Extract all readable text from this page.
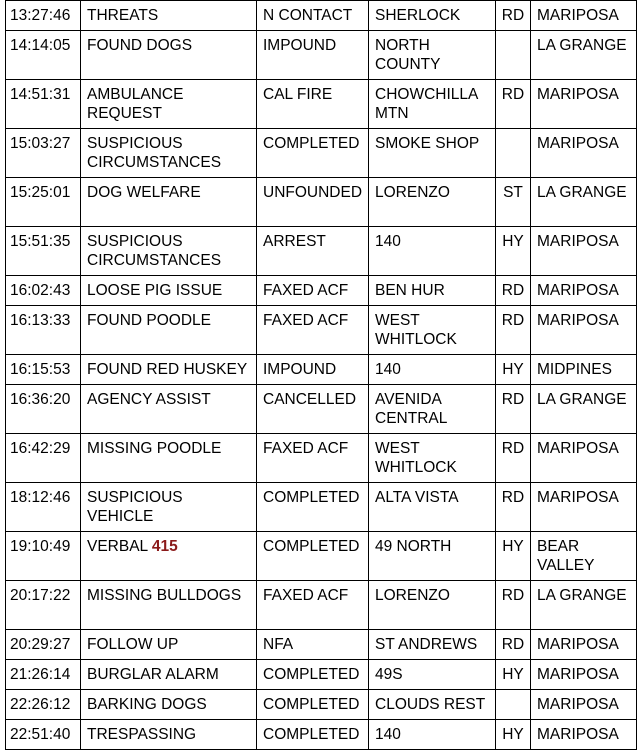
13:27:46	THREATS	N CONTACT	SHERLOCK	RD	MARIPOSA
14:14:05	FOUND DOGS	IMPOUND	NORTH COUNTY		LA GRANGE
14:51:31	AMBULANCE REQUEST	CAL FIRE	CHOWCHILLA MTN	RD	MARIPOSA
15:03:27	SUSPICIOUS CIRCUMSTANCES	COMPLETED	SMOKE SHOP		MARIPOSA
15:25:01	DOG WELFARE	UNFOUNDED	LORENZO	ST	LA GRANGE
15:51:35	SUSPICIOUS CIRCUMSTANCES	ARREST	140	HY	MARIPOSA
16:02:43	LOOSE PIG ISSUE	FAXED ACF	BEN HUR	RD	MARIPOSA
16:13:33	FOUND POODLE	FAXED ACF	WEST WHITLOCK	RD	MARIPOSA
16:15:53	FOUND RED HUSKEY	IMPOUND	140	HY	MIDPINES
16:36:20	AGENCY ASSIST	CANCELLED	AVENIDA CENTRAL	RD	LA GRANGE
16:42:29	MISSING POODLE	FAXED ACF	WEST WHITLOCK	RD	MARIPOSA
18:12:46	SUSPICIOUS VEHICLE	COMPLETED	ALTA VISTA	RD	MARIPOSA
19:10:49	VERBAL 415	COMPLETED	49 NORTH	HY	BEAR VALLEY
20:17:22	MISSING BULLDOGS	FAXED ACF	LORENZO	RD	LA GRANGE
20:29:27	FOLLOW UP	NFA	ST ANDREWS	RD	MARIPOSA
21:26:14	BURGLAR ALARM	COMPLETED	49S	HY	MARIPOSA
22:26:12	BARKING DOGS	COMPLETED	CLOUDS REST		MARIPOSA
22:51:40	TRESPASSING	COMPLETED	140	HY	MARIPOSA
